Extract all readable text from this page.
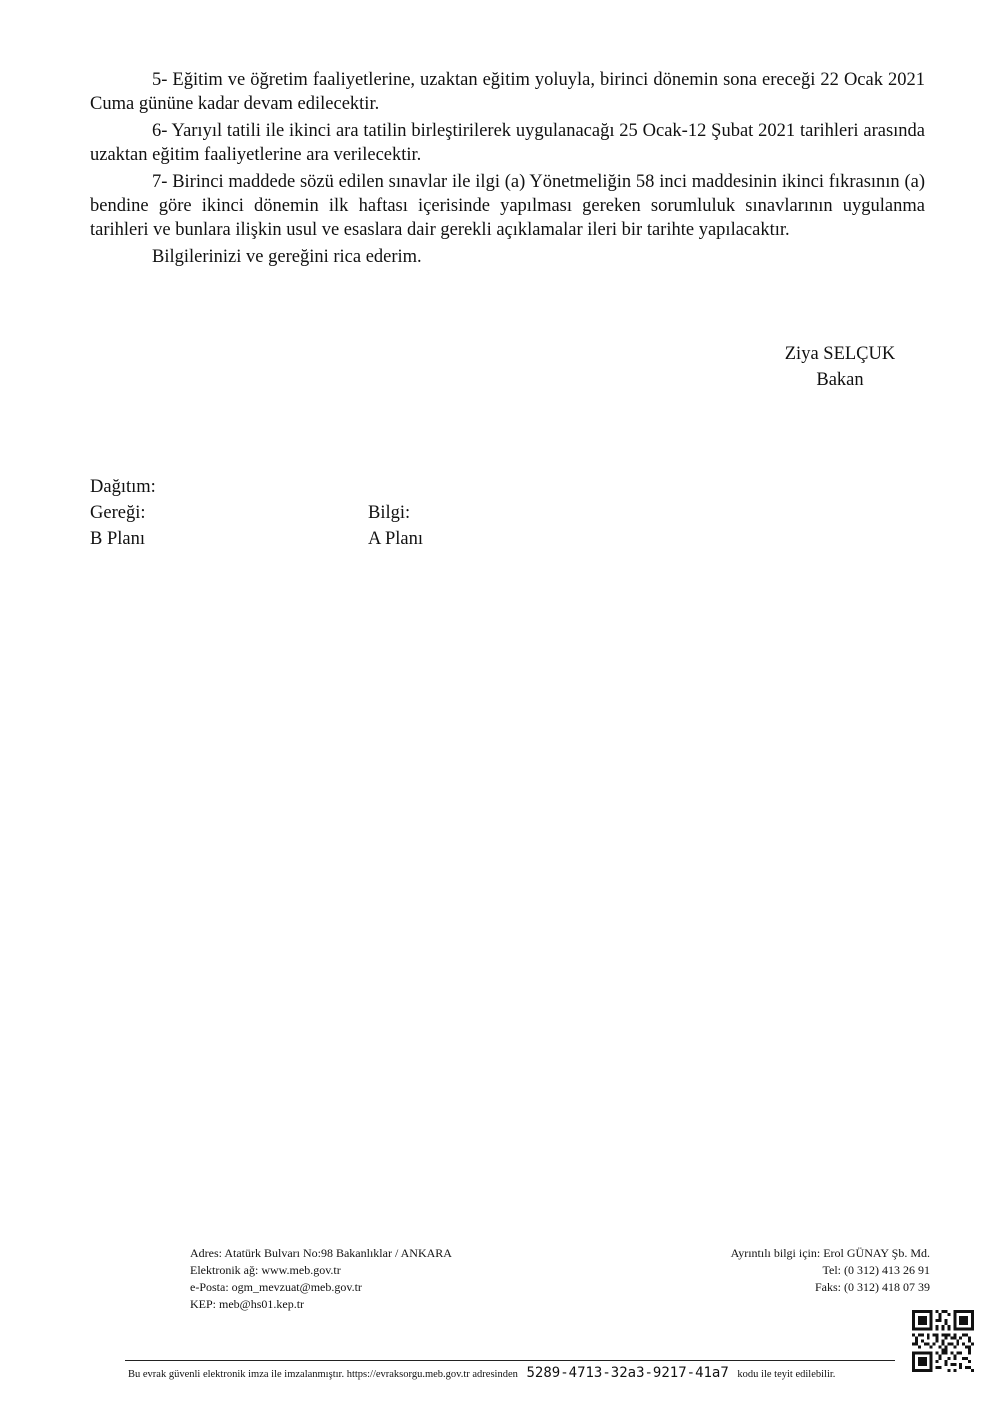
5- Eğitim ve öğretim faaliyetlerine, uzaktan eğitim yoluyla, birinci dönemin sona ereceği 22 Ocak 2021 Cuma gününe kadar devam edilecektir.

6- Yarıyıl tatili ile ikinci ara tatilin birleştirilerek uygulanacağı 25 Ocak-12 Şubat 2021 tarihleri arasında uzaktan eğitim faaliyetlerine ara verilecektir.

7- Birinci maddede sözü edilen sınavlar ile ilgi (a) Yönetmeliğin 58 inci maddesinin ikinci fıkrasının (a) bendine göre ikinci dönemin ilk haftası içerisinde yapılması gereken sorumluluk sınavlarının uygulanma tarihleri ve bunlara ilişkin usul ve esaslara dair gerekli açıklamalar ileri bir tarihte yapılacaktır.

Bilgilerinizi ve gereğini rica ederim.

Ziya SELÇUK
Bakan
Dağıtım:
Gereği:	Bilgi:
B Planı	A Planı
Adres: Atatürk Bulvarı No:98 Bakanlıklar / ANKARA
Elektronik ağ: www.meb.gov.tr
e-Posta: ogm_mevzuat@meb.gov.tr
KEP: meb@hs01.kep.tr
Ayrıntılı bilgi için: Erol GÜNAY Şb. Md.
Tel: (0 312) 413 26 91
Faks: (0 312) 418 07 39
Bu evrak güvenli elektronik imza ile imzalanmıştır. https://evraksorgu.meb.gov.tr adresinden 5289-4713-32a3-9217-41a7 kodu ile teyit edilebilir.
